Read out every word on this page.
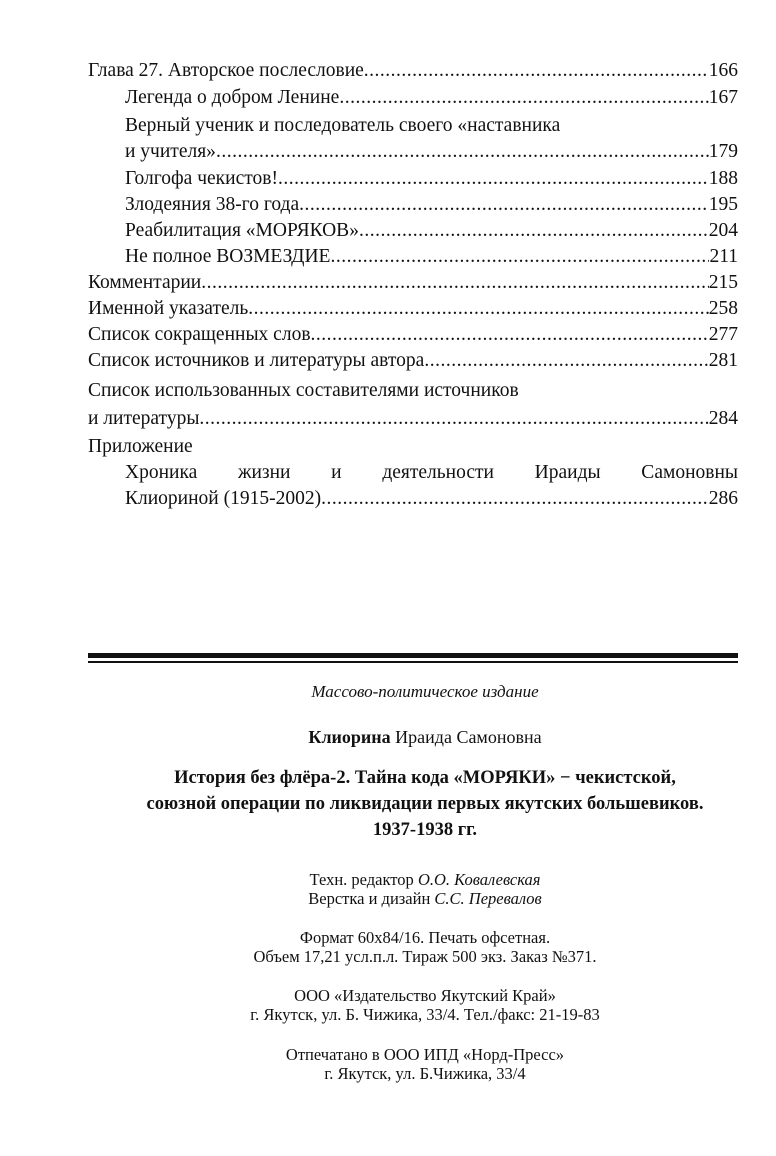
Глава 27. Авторское послесловие .....	166
Легенда о добром Ленине .....	167
Верный ученик и последователь своего «наставника
и учителя» .....	179
Голгофа чекистов! .....	188
Злодеяния 38-го года .....	195
Реабилитация «МОРЯКОВ» .....	204
Не полное ВОЗМЕЗДИЕ .....	211
Комментарии .....	215
Именной указатель .....	258
Список сокращенных слов .....	277
Список источников и литературы автора .....	281
Список использованных составителями источников
и литературы .....	284
Приложение
Хроника жизни и деятельности Ираиды Самоновны
Клиориной (1915-2002) .....	286
Массово-политическое издание
Клиорина Ираида Самоновна
История без флёра-2. Тайна кода «МОРЯКИ» − чекистской,
союзной операции по ликвидации первых якутских большевиков.
1937-1938 гг.
Техн. редактор О.О. Ковалевская
Верстка и дизайн С.С. Перевалов
Формат 60х84/16. Печать офсетная.
Объем 17,21 усл.п.л. Тираж 500 экз. Заказ №371.
ООО «Издательство Якутский Край»
г. Якутск, ул. Б. Чижика, 33/4. Тел./факс: 21-19-83
Отпечатано в ООО ИПД «Норд-Пресс»
г. Якутск, ул. Б.Чижика, 33/4
